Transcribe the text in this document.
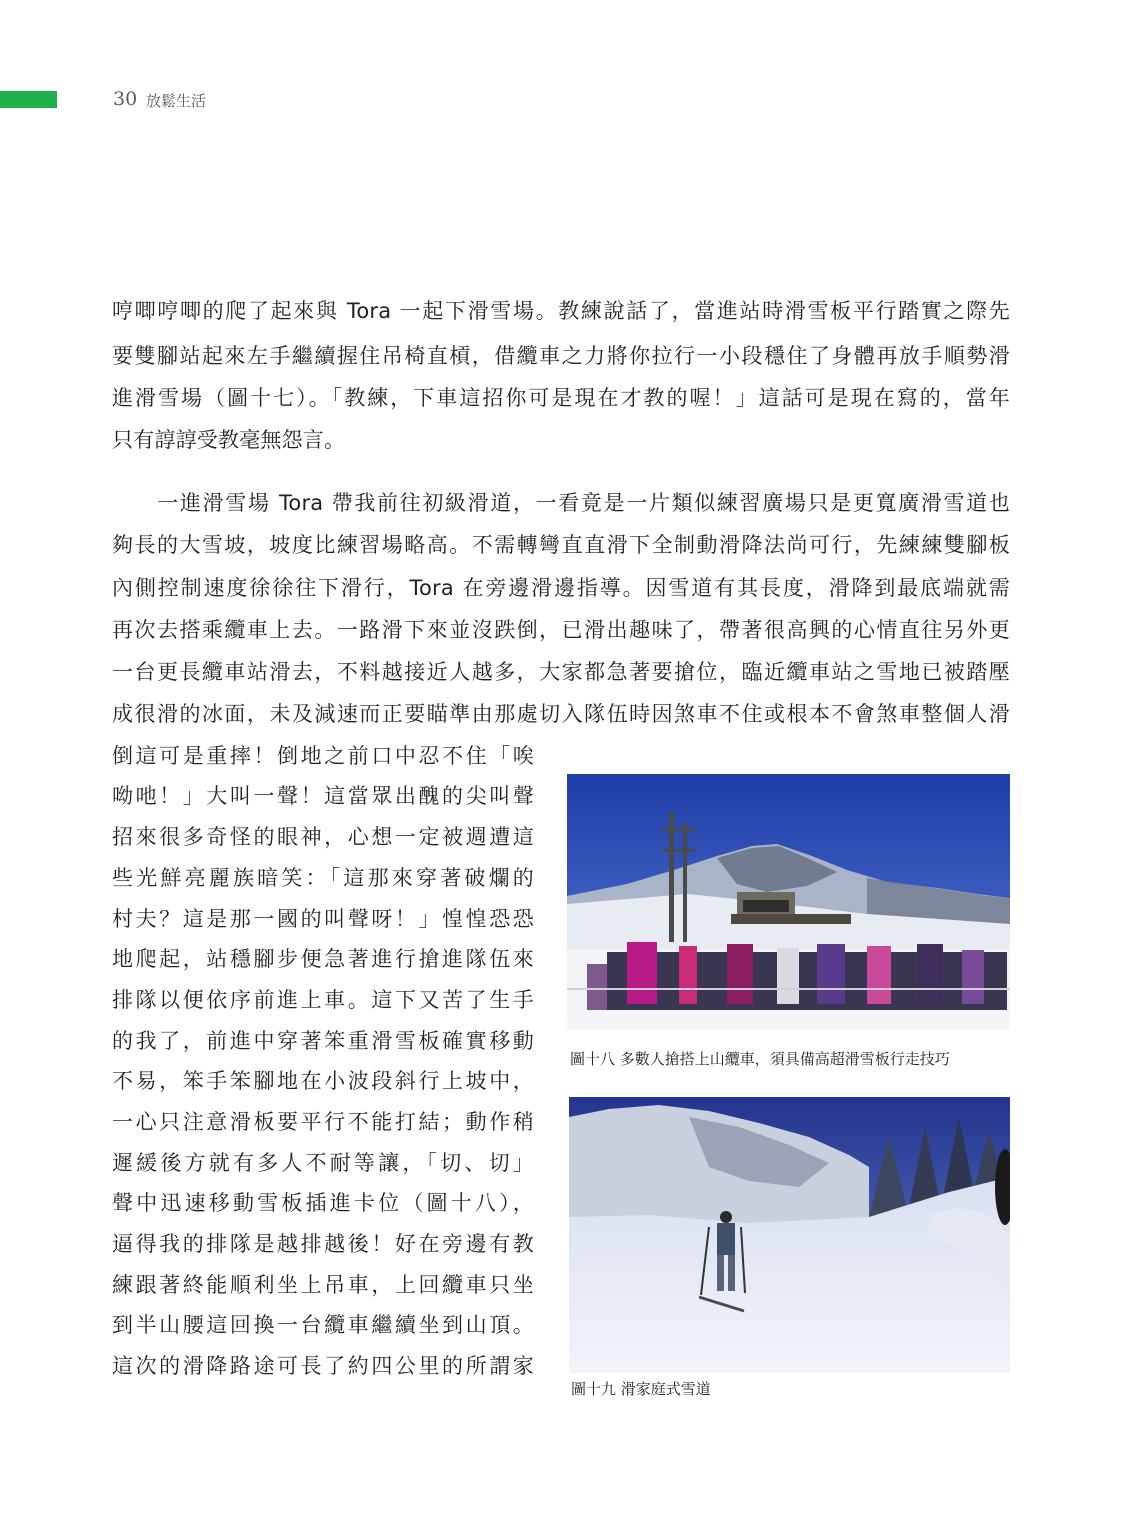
30 放鬆生活
哼唧哼唧的爬了起來與 Tora 一起下滑雪場。教練說話了，當進站時滑雪板平行踏實之際先
要雙腳站起來左手繼續握住吊椅直槓，借纜車之力將你拉行一小段穩住了身體再放手順勢滑
進滑雪場（圖十七）。「教練，下車這招你可是現在才教的喔！」這話可是現在寫的，當年
只有諄諄受教毫無怨言。
　　一進滑雪場 Tora 帶我前往初級滑道，一看竟是一片類似練習廣場只是更寬廣滑雪道也
夠長的大雪坡，坡度比練習場略高。不需轉彎直直滑下全制動滑降法尚可行，先練練雙腳板
內側控制速度徐徐往下滑行，Tora 在旁邊滑邊指導。因雪道有其長度，滑降到最底端就需
再次去搭乘纜車上去。一路滑下來並沒跌倒，已滑出趣味了，帶著很高興的心情直往另外更
一台更長纜車站滑去，不料越接近人越多，大家都急著要搶位，臨近纜車站之雪地已被踏壓
成很滑的冰面，未及減速而正要瞄準由那處切入隊伍時因煞車不住或根本不會煞車整個人滑
倒這可是重摔！倒地之前口中忍不住「唉
呦吔！」大叫一聲！這當眾出醜的尖叫聲
招來很多奇怪的眼神，心想一定被週遭這
些光鮮亮麗族暗笑：「這那來穿著破爛的
村夫？這是那一國的叫聲呀！」惶惶恐恐
地爬起，站穩腳步便急著進行搶進隊伍來
排隊以便依序前進上車。這下又苦了生手
的我了，前進中穿著笨重滑雪板確實移動
不易，笨手笨腳地在小波段斜行上坡中，
一心只注意滑板要平行不能打結；動作稍
遲緩後方就有多人不耐等讓，「切、切」
聲中迅速移動雪板插進卡位（圖十八），
逼得我的排隊是越排越後！好在旁邊有教
練跟著終能順利坐上吊車，上回纜車只坐
到半山腰這回換一台纜車繼續坐到山頂。
這次的滑降路途可長了約四公里的所謂家
圖十八 多數人搶搭上山纜車，須具備高超滑雪板行走技巧
圖十九 滑家庭式雪道
